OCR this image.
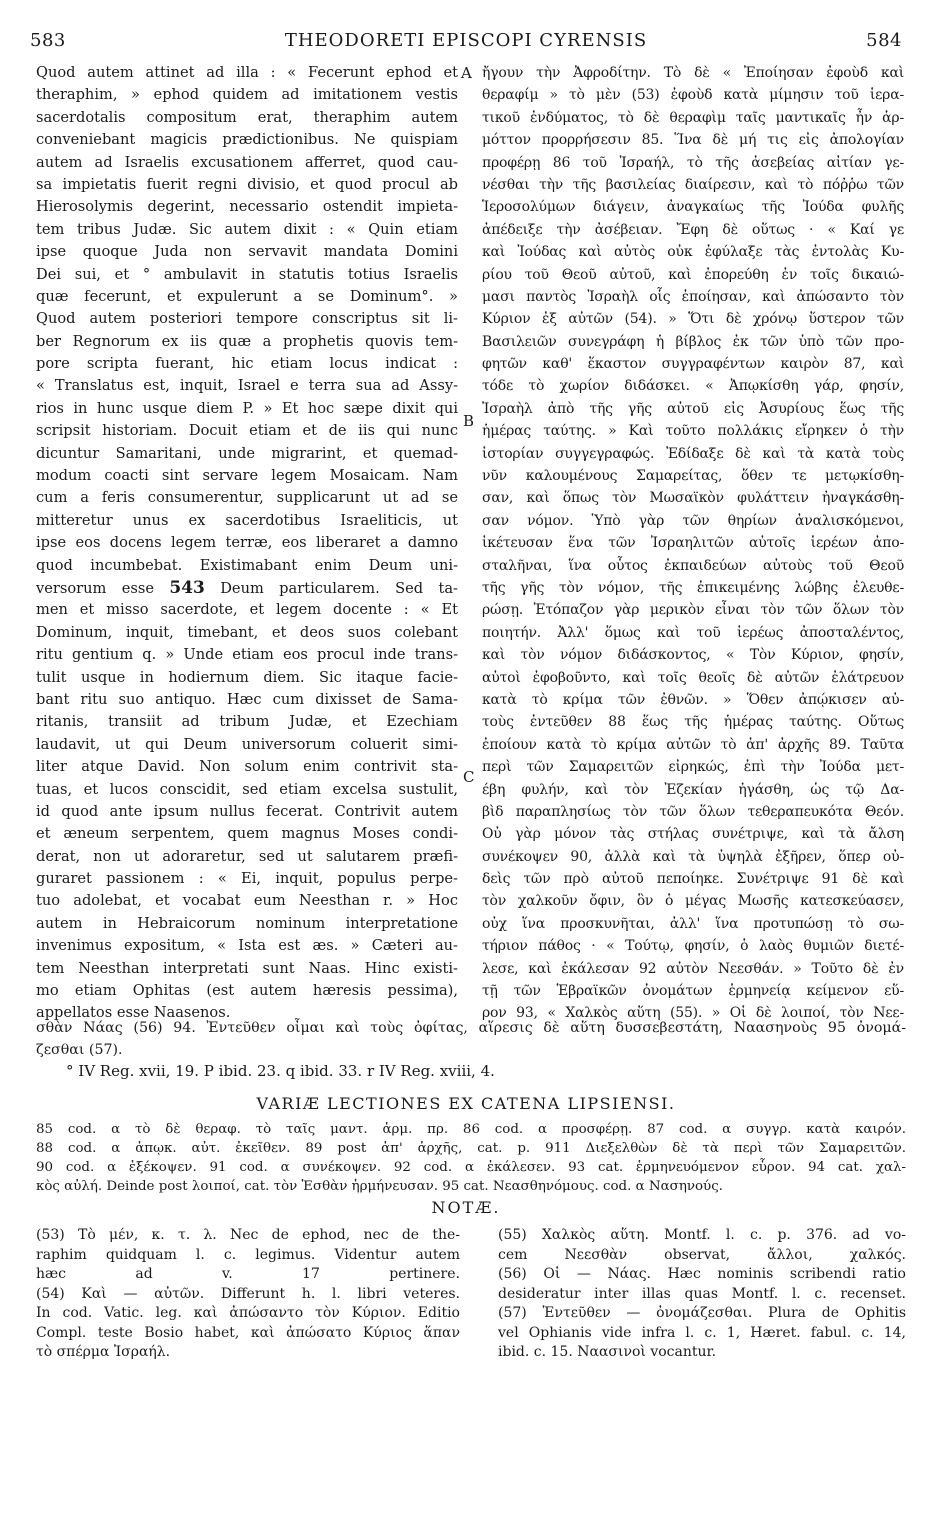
583	THEODORETI EPISCOPI CYRENSIS	584
Quod autem attinet ad illa : « Fecerunt ephod et
theraphim, » ephod quidem ad imitationem vestis
sacerdotalis compositum erat, theraphim autem
conveniebant magicis prædictionibus. Ne quispiam
autem ad Israelis excusationem afferret, quod cau-
sa impietatis fuerit regni divisio, et quod procul ab
Hierosolymis degerint, necessario ostendit impieta-
tem tribus Judæ. Sic autem dixit : « Quin etiam
ipse quoque Juda non servavit mandata Domini
Dei sui, et ° ambulavit in statutis totius Israelis
quæ fecerunt, et expulerunt a se Dominum°. »
Quod autem posteriori tempore conscriptus sit li-
ber Regnorum ex iis quæ a prophetis quovis tem-
pore scripta fuerant, hic etiam locus indicat :
« Translatus est, inquit, Israel e terra sua ad Assy-
rios in hunc usque diem P. » Et hoc sæpe dixit qui
scripsit historiam. Docuit etiam et de iis qui nunc
dicuntur Samaritani, unde migrarint, et quemad-
modum coacti sint servare legem Mosaicam. Nam
cum a feris consumerentur, supplicarunt ut ad se
mitteretur unus ex sacerdotibus Israeliticis, ut
ipse eos docens legem terræ, eos liberaret a damno
quod incumbebat. Existimabant enim Deum uni-
versorum esse 543 Deum particularem. Sed ta-
men et misso sacerdote, et legem docente : « Et
Dominum, inquit, timebant, et deos suos colebant
ritu gentium q. » Unde etiam eos procul inde trans-
tulit usque in hodiernum diem. Sic itaque facie-
bant ritu suo antiquo. Hæc cum dixisset de Sama-
ritanis, transiit ad tribum Judæ, et Ezechiam
laudavit, ut qui Deum universorum coluerit simi-
liter atque David. Non solum enim contrivit sta-
tuas, et lucos conscidit, sed etiam excelsa sustulit,
id quod ante ipsum nullus fecerat. Contrivit autem
et æneum serpentem, quem magnus Moses condi-
derat, non ut adoraretur, sed ut salutarem præfi-
guraret passionem : « Ei, inquit, populus perpe-
tuo adolebat, et vocabat eum Neesthan r. » Hoc
autem in Hebraicorum nominum interpretatione
invenimus expositum, « Ista est æs. » Cæteri au-
tem Neesthan interpretati sunt Naas. Hinc existi-
mo etiam Ophitas (est autem hæresis pessima),
appellatos esse Naasenos.
ἤγουν τὴν Ἀφροδίτην. Τὸ δὲ « Ἐποίησαν ἐφοὺδ καὶ
θεραφίμ » τὸ μὲν (53) ἐφοὺδ κατὰ μίμησιν τοῦ ἱερα-
τικοῦ ἐνδύματος, τὸ δὲ θεραφὶμ ταῖς μαντικαῖς ἦν ἁρ-
μόττον προρρήσεσιν 85. Ἵνα δὲ μή τις εἰς ἀπολογίαν
προφέρῃ 86 τοῦ Ἰσραήλ, τὸ τῆς ἀσεβείας αἰτίαν γε-
νέσθαι τὴν τῆς βασιλείας διαίρεσιν, καὶ τὸ πόῤῥω τῶν
Ἱεροσολύμων διάγειν, ἀναγκαίως τῆς Ἰούδα φυλῆς
ἀπέδειξε τὴν ἀσέβειαν. Ἔφη δὲ οὕτως · « Καί γε
καὶ Ἰούδας καὶ αὐτὸς οὐκ ἐφύλαξε τὰς ἐντολὰς Κυ-
ρίου τοῦ Θεοῦ αὐτοῦ, καὶ ἐπορεύθη ἐν τοῖς δικαιώ-
μασι παντὸς Ἰσραὴλ οἷς ἐποίησαν, καὶ ἀπώσαντο τὸν
Κύριον ἐξ αὐτῶν (54). » Ὅτι δὲ χρόνῳ ὕστερον τῶν
Βασιλειῶν συνεγράφη ἡ βίβλος ἐκ τῶν ὑπὸ τῶν προ-
φητῶν καθ' ἕκαστον συγγραφέντων καιρὸν 87, καὶ
τόδε τὸ χωρίον διδάσκει. « Ἀπῳκίσθη γάρ, φησίν,
Ἰσραὴλ ἀπὸ τῆς γῆς αὐτοῦ εἰς Ἀσυρίους ἕως τῆς
ἡμέρας ταύτης. » Καὶ τοῦτο πολλάκις εἴρηκεν ὁ τὴν
ἱστορίαν συγγεγραφώς. Ἐδίδαξε δὲ καὶ τὰ κατὰ τοὺς
νῦν καλουμένους Σαμαρείτας, ὅθεν τε μετῳκίσθη-
σαν, καὶ ὅπως τὸν Μωσαϊκὸν φυλάττειν ἠναγκάσθη-
σαν νόμον. Ὑπὸ γὰρ τῶν θηρίων ἀναλισκόμενοι,
ἱκέτευσαν ἕνα τῶν Ἰσραηλιτῶν αὐτοῖς ἱερέων ἀπο-
σταλῆναι, ἵνα οὗτος ἐκπαιδεύων αὐτοὺς τοῦ Θεοῦ
τῆς γῆς τὸν νόμον, τῆς ἐπικειμένης λώβης ἐλευθε-
ρώσῃ. Ἐτόπαζον γὰρ μερικὸν εἶναι τὸν τῶν ὅλων τὸν
ποιητήν. Ἀλλ' ὅμως καὶ τοῦ ἱερέως ἀποσταλέντος,
καὶ τὸν νόμον διδάσκοντος, « Τὸν Κύριον, φησίν,
αὐτοὶ ἐφοβοῦντο, καὶ τοῖς θεοῖς δὲ αὐτῶν ἐλάτρευον
κατὰ τὸ κρίμα τῶν ἐθνῶν. » Ὅθεν ἀπῴκισεν αὐ-
τοὺς ἐντεῦθεν 88 ἕως τῆς ἡμέρας ταύτης. Οὕτως
ἐποίουν κατὰ τὸ κρίμα αὐτῶν τὸ ἀπ' ἀρχῆς 89. Ταῦτα
περὶ τῶν Σαμαρειτῶν εἰρηκώς, ἐπὶ τὴν Ἰούδα μετ-
έβη φυλήν, καὶ τὸν Ἐζεκίαν ἠγάσθη, ὡς τῷ Δα-
βὶδ παραπλησίως τὸν τῶν ὅλων τεθεραπευκότα Θεόν.
Οὐ γὰρ μόνον τὰς στήλας συνέτριψε, καὶ τὰ ἄλση
συνέκοψεν 90, ἀλλὰ καὶ τὰ ὑψηλὰ ἐξῆρεν, ὅπερ οὐ-
δεὶς τῶν πρὸ αὐτοῦ πεποίηκε. Συνέτριψε 91 δὲ καὶ
τὸν χαλκοῦν ὄφιν, ὃν ὁ μέγας Μωσῆς κατεσκεύασεν,
οὐχ ἵνα προσκυνῆται, ἀλλ' ἵνα προτυπώσῃ τὸ σω-
τήριον πάθος · « Τούτῳ, φησίν, ὁ λαὸς θυμιῶν διετέ-
λεσε, καὶ ἐκάλεσαν 92 αὐτὸν Νεεσθάν. » Τοῦτο δὲ ἐν
τῇ τῶν Ἑβραϊκῶν ὀνομάτων ἑρμηνείᾳ κείμενον εὕ-
ρον 93, « Χαλκὸς αὕτη (55). » Οἱ δὲ λοιποί, τὸν Νεε-
A
B
C
σθὰν Νάας (56) 94. Ἐντεῦθεν οἶμαι καὶ τοὺς ὀφίτας, αἵρεσις δὲ αὕτη δυσσεβεστάτη, Ναασηνοὺς 95 ὀνομά-
ζεσθαι (57).
° IV Reg. xvii, 19. P ibid. 23. q ibid. 33. r IV Reg. xviii, 4.
VARIÆ LECTIONES EX CATENA LIPSIENSI.
85 cod. α τὸ δὲ θεραφ. τὸ ταῖς μαντ. ἁρμ. πρ. 86 cod. α προσφέρῃ. 87 cod. α συγγρ. κατὰ καιρόν.
88 cod. α ἀπῳκ. αὐτ. ἐκεῖθεν. 89 post ἀπ' ἀρχῆς, cat. p. 911 Διεξελθὼν δὲ τὰ περὶ τῶν Σαμαρειτῶν.
90 cod. α ἐξέκοψεν. 91 cod. α συνέκοψεν. 92 cod. α ἐκάλεσεν. 93 cat. ἑρμηνευόμενον εὗρον. 94 cat. χαλ-
κὸς αὐλή. Deinde post λοιποί, cat. τὸν Ἐσθὰν ἡρμήνευσαν. 95 cat. Νεασθηνόμους. cod. α Νασηνούς.
NOTÆ.
(53) Τὸ μέν, κ. τ. λ. Nec de ephod, nec de the-
raphim quidquam l. c. legimus. Videntur autem
hæc ad v. 17 pertinere.
(54) Καὶ — αὐτῶν. Differunt h. l. libri veteres.
In cod. Vatic. leg. καὶ ἀπώσαντο τὸν Κύριον. Editio
Compl. teste Bosio habet, καὶ ἀπώσατο Κύριος ἅπαν
τὸ σπέρμα Ἰσραήλ.
(55) Χαλκὸς αὕτη. Montf. l. c. p. 376. ad vo-
cem Νεεσθὰν observat, ἄλλοι, χαλκός.
(56) Οἱ — Νάας. Hæc nominis scribendi ratio
desideratur inter illas quas Montf. l. c. recenset.
(57) Ἐντεῦθεν — ὀνομάζεσθαι. Plura de Ophitis
vel Ophianis vide infra l. c. 1, Hæret. fabul. c. 14,
ibid. c. 15. Ναασινοὶ vocantur.
